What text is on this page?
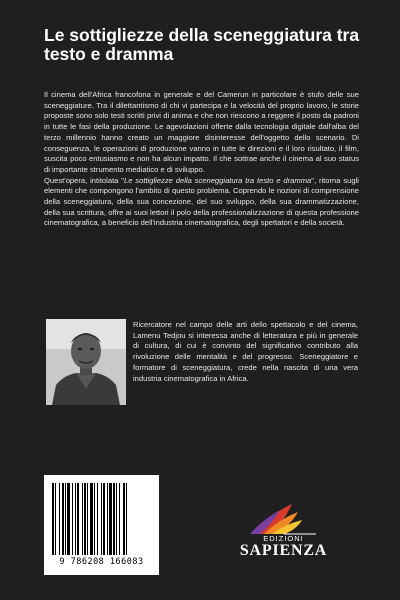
Le sottigliezze della sceneggiatura tra testo e dramma

Il cinema dell'Africa francofona in generale e del Camerun in particolare è stufo delle sue sceneggiature. Tra il dilettantismo di chi vi partecipa e la velocità del proprio lavoro, le storie proposte sono solo testi scritti privi di anima e che non riescono a reggere il posto da padroni in tutte le fasi della produzione. Le agevolazioni offerte dalla tecnologia digitale dall'alba del terzo millennio hanno creato un maggiore disinteresse dell'oggetto dello scenario. Di conseguenza, le operazioni di produzione vanno in tutte le direzioni e il loro risultato, il film, suscita poco entusiasmo e non ha alcun impatto. Il che sottrae anche il cinema al suo status di importante strumento mediatico e di sviluppo.

Quest'opera, intitolata "Le sottigliezze della sceneggiatura tra testo e dramma", ritorna sugli elementi che compongono l'ambito di questo problema. Coprendo le nozioni di comprensione della sceneggiatura, della sua concezione, del suo sviluppo, della sua drammatizzazione, della sua scrittura, offre ai suoi lettori il polo della professionalizzazione di questa professione cinematografica, a beneficio dell'industria cinematografica, degli spettatori e della società.

Ricercatore nel campo delle arti dello spettacolo e del cinema, Lamenu Tedjou si interessa anche di letteratura e più in generale di cultura, di cui è convinto del significativo contributo alla rivoluzione delle mentalità e del progresso. Sceneggiatore e formatore di sceneggiatura, crede nella nascita di una vera industria cinematografica in Africa.

9 786208 166083
EDIZIONI
SAPIENZA
